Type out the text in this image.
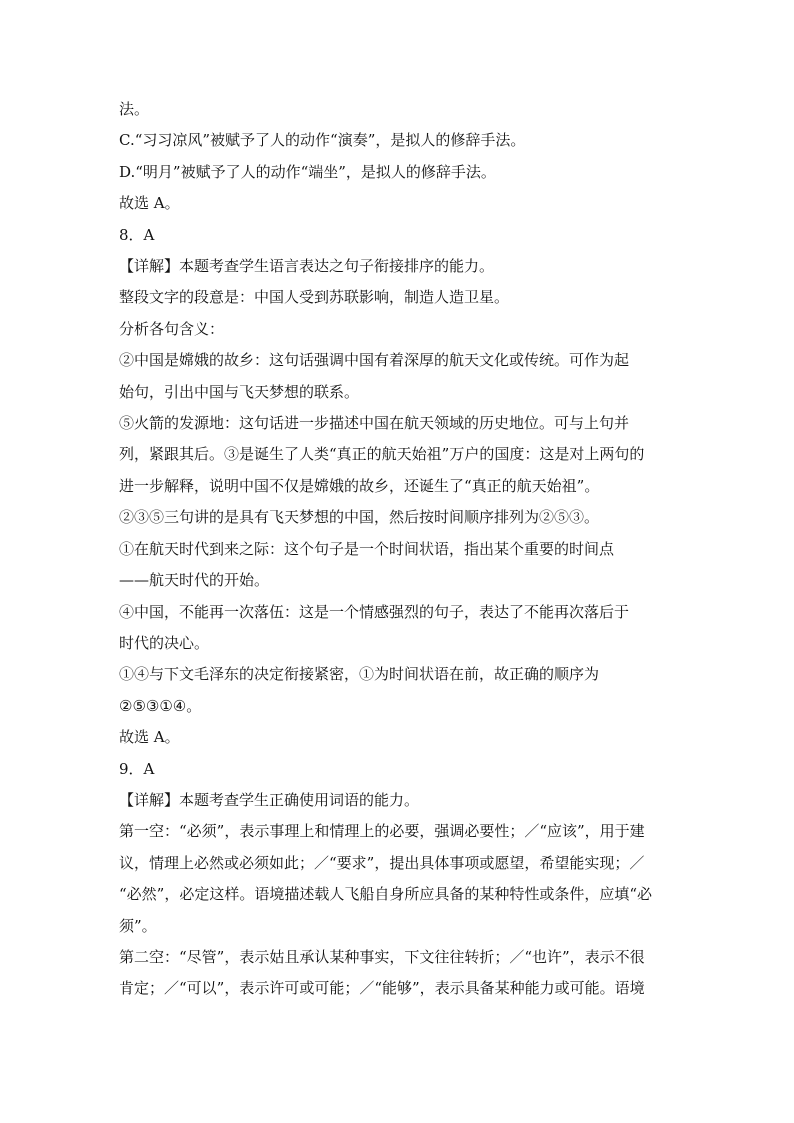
法。
C.“习习凉风”被赋予了人的动作“演奏”，是拟人的修辞手法。
D.“明月”被赋予了人的动作“端坐”，是拟人的修辞手法。
故选 A。
8．A
【详解】本题考查学生语言表达之句子衔接排序的能力。
整段文字的段意是：中国人受到苏联影响，制造人造卫星。
分析各句含义：
②中国是嫦娥的故乡：这句话强调中国有着深厚的航天文化或传统。可作为起
始句，引出中国与飞天梦想的联系。
⑤火箭的发源地：这句话进一步描述中国在航天领域的历史地位。可与上句并
列，紧跟其后。③是诞生了人类“真正的航天始祖”万户的国度：这是对上两句的
进一步解释，说明中国不仅是嫦娥的故乡，还诞生了“真正的航天始祖”。
②③⑤三句讲的是具有飞天梦想的中国，然后按时间顺序排列为②⑤③。
①在航天时代到来之际：这个句子是一个时间状语，指出某个重要的时间点
——航天时代的开始。
④中国，不能再一次落伍：这是一个情感强烈的句子，表达了不能再次落后于
时代的决心。
①④与下文毛泽东的决定衔接紧密，①为时间状语在前，故正确的顺序为
②⑤③①④。
故选 A。
9．A
【详解】本题考查学生正确使用词语的能力。
第一空：“必须”，表示事理上和情理上的必要，强调必要性；／“应该”，用于建
议，情理上必然或必须如此；／“要求”，提出具体事项或愿望，希望能实现；／
“必然”，必定这样。语境描述载人飞船自身所应具备的某种特性或条件，应填“必
须”。
第二空：“尽管”，表示姑且承认某种事实，下文往往转折；／“也许”，表示不很
肯定；／“可以”，表示许可或可能；／“能够”，表示具备某种能力或可能。语境
